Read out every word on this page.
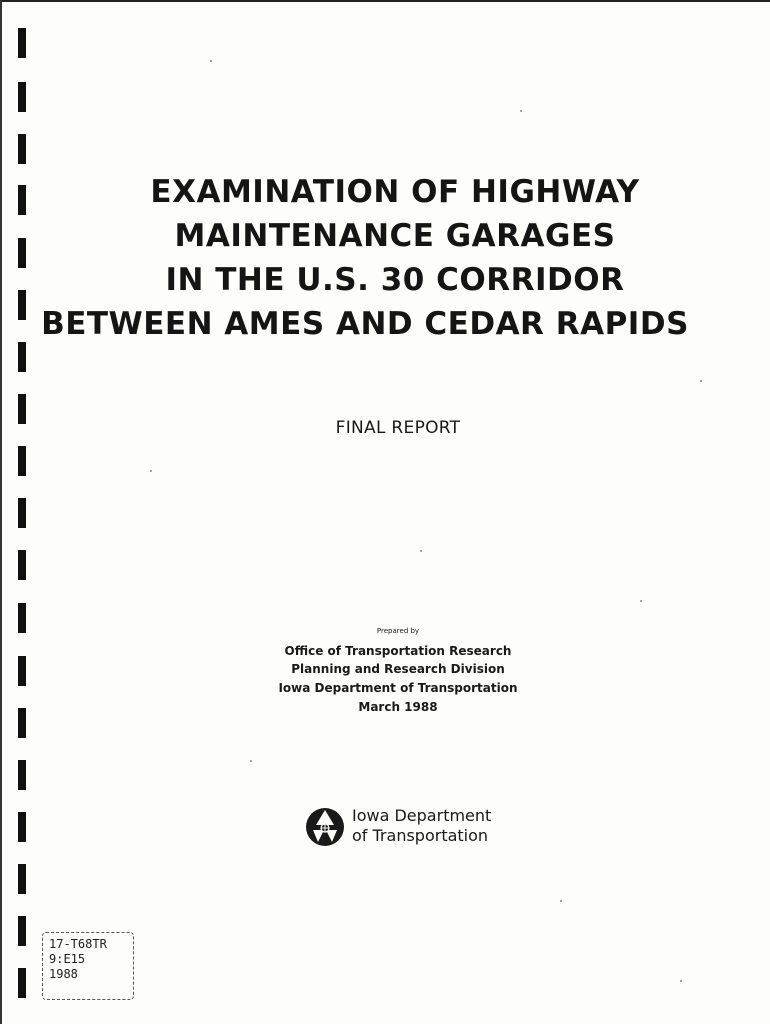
EXAMINATION OF HIGHWAY
MAINTENANCE GARAGES
IN THE U.S. 30 CORRIDOR
BETWEEN AMES AND CEDAR RAPIDS
FINAL REPORT
Prepared by
Office of Transportation Research
Planning and Research Division
Iowa Department of Transportation
March 1988
Iowa Department
of Transportation
17-T68TR
9:E15
1988
